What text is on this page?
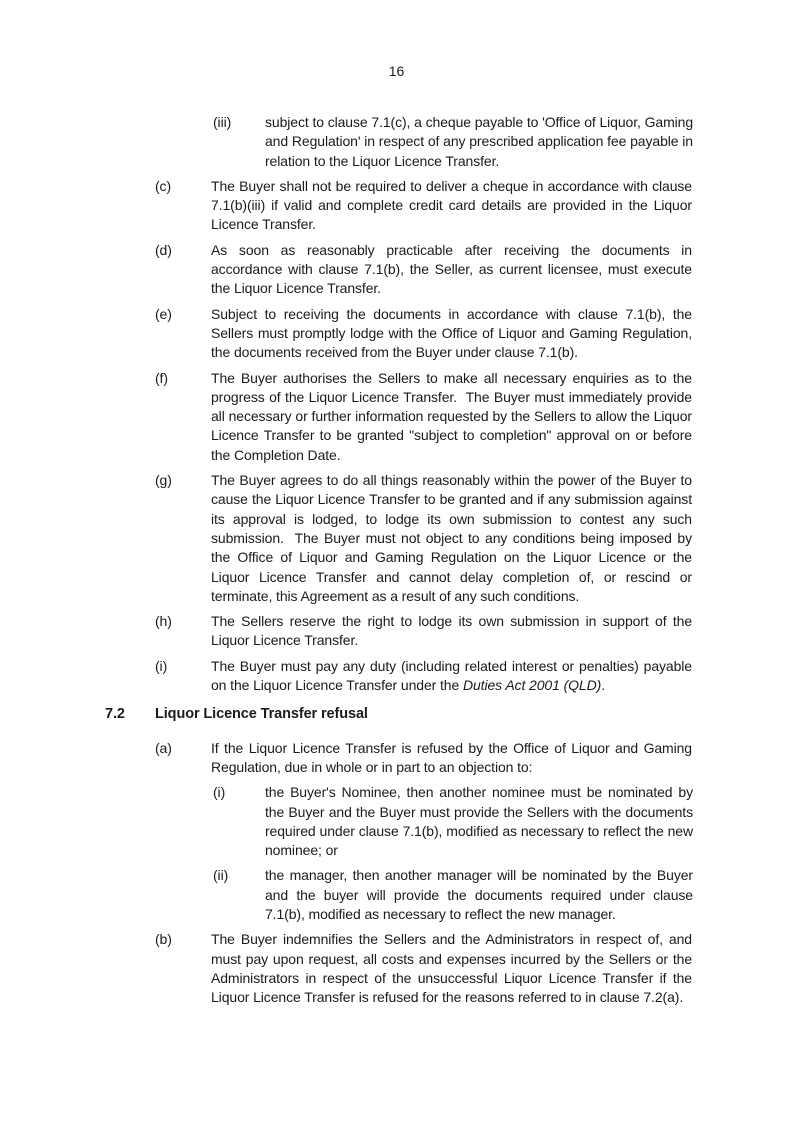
16
(iii)	subject to clause 7.1(c), a cheque payable to 'Office of Liquor, Gaming and Regulation' in respect of any prescribed application fee payable in relation to the Liquor Licence Transfer.

(c)	The Buyer shall not be required to deliver a cheque in accordance with clause 7.1(b)(iii) if valid and complete credit card details are provided in the Liquor Licence Transfer.

(d)	As soon as reasonably practicable after receiving the documents in accordance with clause 7.1(b), the Seller, as current licensee, must execute the Liquor Licence Transfer.

(e)	Subject to receiving the documents in accordance with clause 7.1(b), the Sellers must promptly lodge with the Office of Liquor and Gaming Regulation, the documents received from the Buyer under clause 7.1(b).

(f)	The Buyer authorises the Sellers to make all necessary enquiries as to the progress of the Liquor Licence Transfer.  The Buyer must immediately provide all necessary or further information requested by the Sellers to allow the Liquor Licence Transfer to be granted "subject to completion" approval on or before the Completion Date.

(g)	The Buyer agrees to do all things reasonably within the power of the Buyer to cause the Liquor Licence Transfer to be granted and if any submission against its approval is lodged, to lodge its own submission to contest any such submission.  The Buyer must not object to any conditions being imposed by the Office of Liquor and Gaming Regulation on the Liquor Licence or the Liquor Licence Transfer and cannot delay completion of, or rescind or terminate, this Agreement as a result of any such conditions.

(h)	The Sellers reserve the right to lodge its own submission in support of the Liquor Licence Transfer.

(i)	The Buyer must pay any duty (including related interest or penalties) payable on the Liquor Licence Transfer under the Duties Act 2001 (QLD).

7.2	Liquor Licence Transfer refusal
(a)	If the Liquor Licence Transfer is refused by the Office of Liquor and Gaming Regulation, due in whole or in part to an objection to:

(i)	the Buyer's Nominee, then another nominee must be nominated by the Buyer and the Buyer must provide the Sellers with the documents required under clause 7.1(b), modified as necessary to reflect the new nominee; or

(ii)	the manager, then another manager will be nominated by the Buyer and the buyer will provide the documents required under clause 7.1(b), modified as necessary to reflect the new manager.

(b)	The Buyer indemnifies the Sellers and the Administrators in respect of, and must pay upon request, all costs and expenses incurred by the Sellers or the Administrators in respect of the unsuccessful Liquor Licence Transfer if the Liquor Licence Transfer is refused for the reasons referred to in clause 7.2(a).
